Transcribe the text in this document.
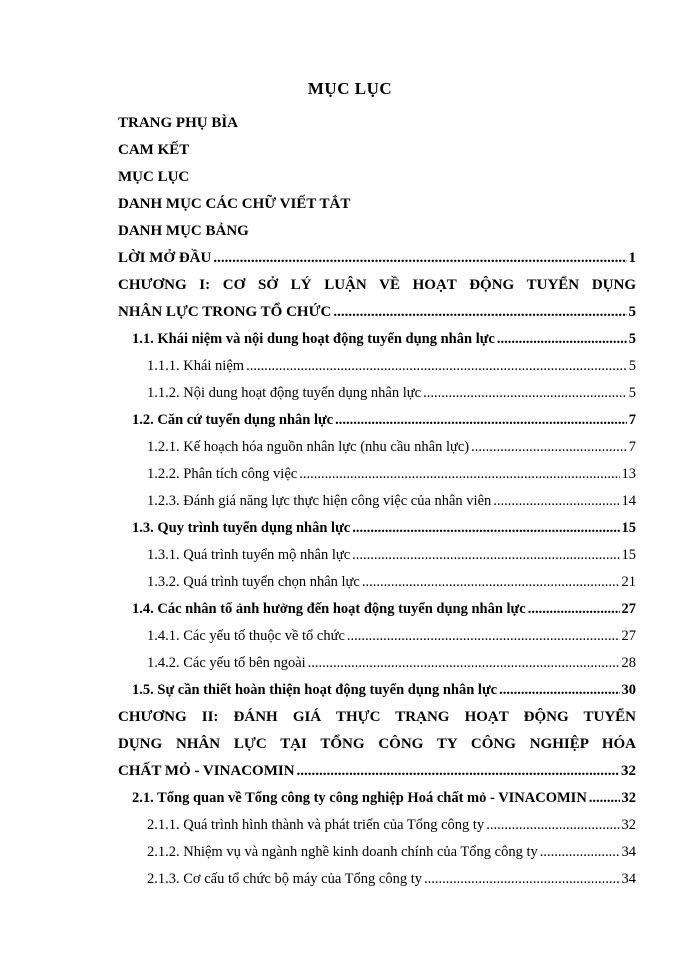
MỤC LỤC
TRANG PHỤ BÌA
CAM KẾT
MỤC LỤC
DANH MỤC CÁC CHỮ VIẾT TẮT
DANH MỤC BẢNG
LỜI MỞ ĐẦU .....	1
CHƯƠNG I: CƠ SỞ LÝ LUẬN VỀ HOẠT ĐỘNG TUYỂN DỤNG
NHÂN LỰC TRONG TỔ CHỨC .....	5
1.1. Khái niệm và nội dung hoạt động tuyển dụng nhân lực .....	5
1.1.1. Khái niệm .....	5
1.1.2. Nội dung hoạt động tuyển dụng nhân lực .....	5
1.2. Căn cứ tuyển dụng nhân lực .....	7
1.2.1. Kế hoạch hóa nguồn nhân lực (nhu cầu nhân lực) .....	7
1.2.2. Phân tích công việc .....	13
1.2.3. Đánh giá năng lực thực hiện công việc của nhân viên .....	14
1.3. Quy trình tuyển dụng nhân lực .....	15
1.3.1. Quá trình tuyển mộ nhân lực .....	15
1.3.2. Quá trình tuyển chọn nhân lực .....	21
1.4. Các nhân tố ảnh hưởng đến hoạt động tuyển dụng nhân lực .....	27
1.4.1. Các yếu tố thuộc về tổ chức .....	27
1.4.2. Các yếu tố bên ngoài .....	28
1.5. Sự cần thiết hoàn thiện hoạt động tuyển dụng nhân lực .....	30
CHƯƠNG II: ĐÁNH GIÁ THỰC TRẠNG HOẠT ĐỘNG TUYỂN
DỤNG NHÂN LỰC TẠI TỔNG CÔNG TY CÔNG NGHIỆP HÓA
CHẤT MỎ - VINACOMIN .....	32
2.1. Tổng quan về Tổng công ty công nghiệp Hoá chất mỏ - VINACOMIN ..... 32
2.1.1. Quá trình hình thành và phát triển của Tổng công ty .....	32
2.1.2. Nhiệm vụ và ngành nghề kinh doanh chính của Tổng công ty .....	34
2.1.3. Cơ cấu tổ chức bộ máy của Tổng công ty .....	34
